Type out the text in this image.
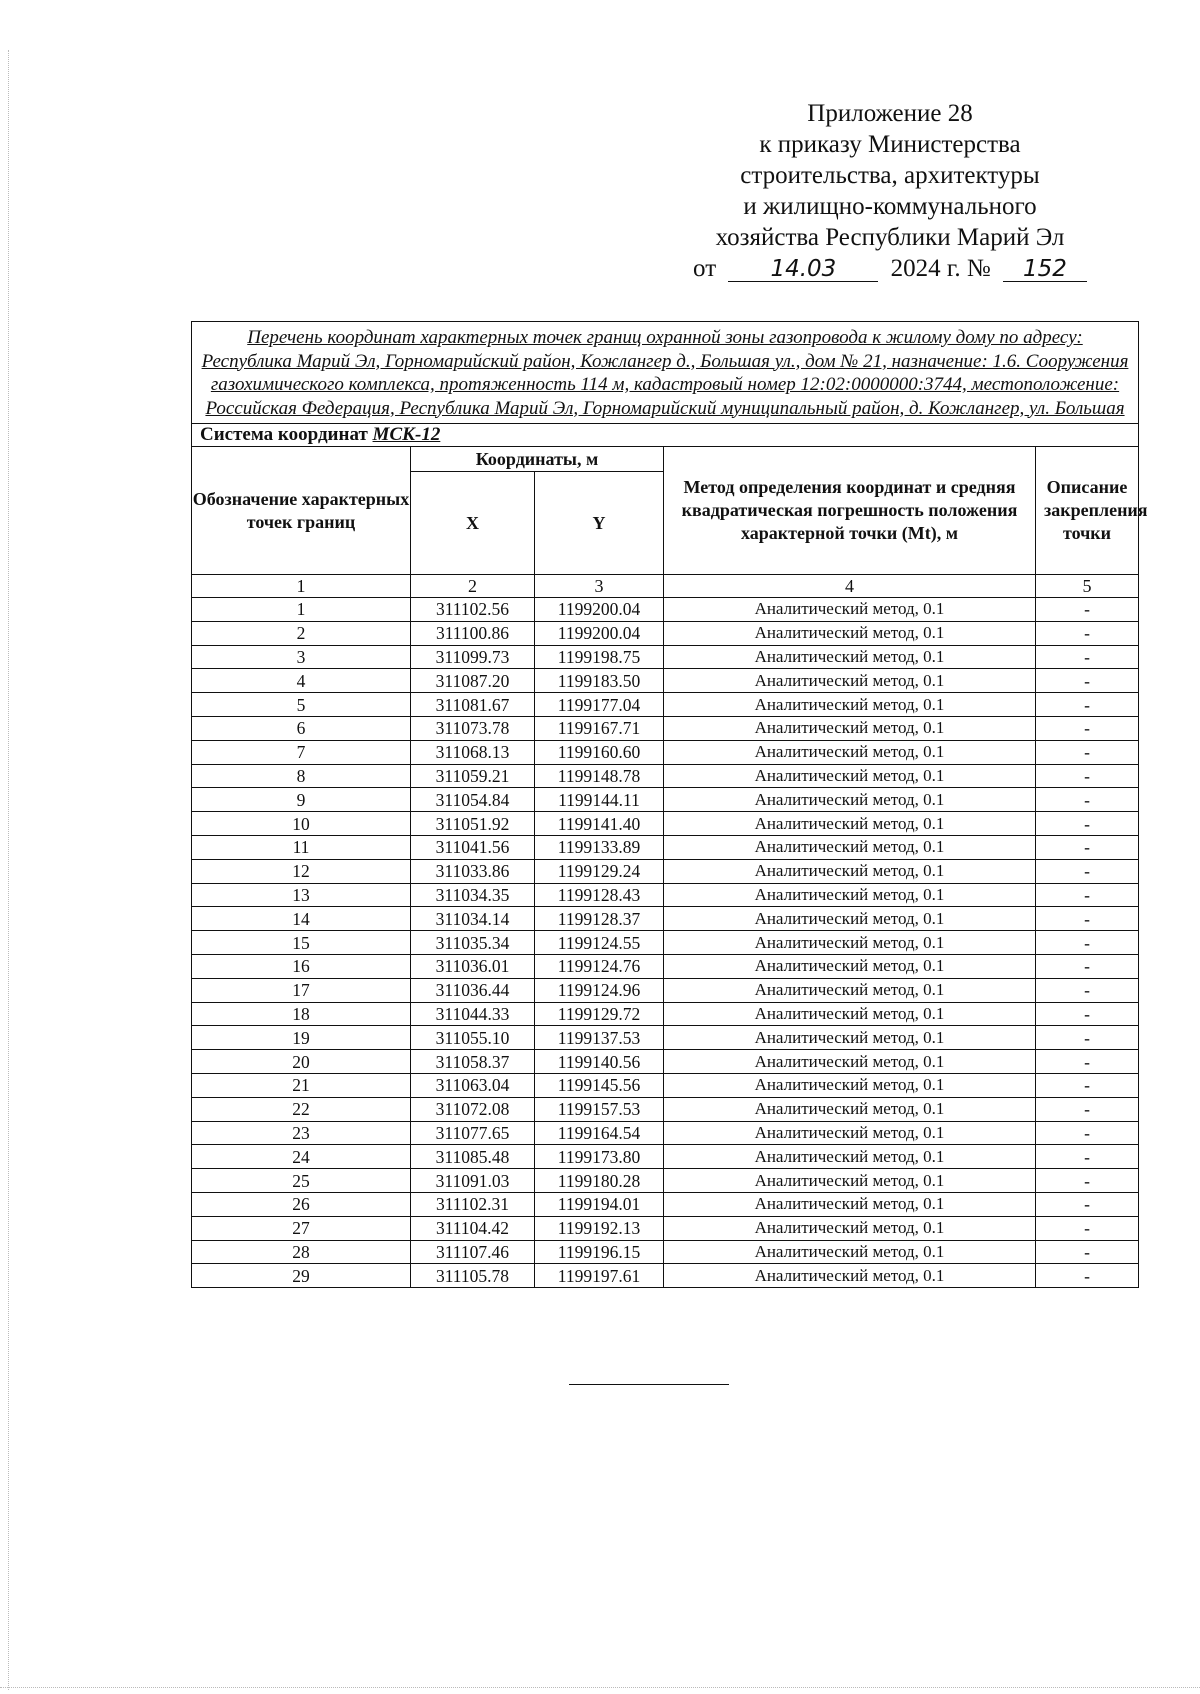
Приложение 28
к приказу Министерства
строительства, архитектуры
и жилищно-коммунального
хозяйства Республики Марий Эл
от 14.03 2024 г. № 152
Перечень координат характерных точек границ охранной зоны газопровода к жилому дому по адресу: Республика Марий Эл, Горномарийский район, Кожлангер д., Большая ул., дом № 21, назначение: 1.6. Сооружения газохимического комплекса, протяженность 114 м, кадастровый номер 12:02:0000000:3744, местоположение: Российская Федерация, Республика Марий Эл, Горномарийский муниципальный район, д. Кожлангер, ул. Большая				
Система координат МСК-12				
Обозначение характерных точек границ	Координаты, м		Метод определения координат и средняя квадратическая погрешность положения характерной точки (Mt), м	Описание закрепления точки
	X	Y		
1	2	3	4	5
1	311102.56	1199200.04	Аналитический метод, 0.1	-
2	311100.86	1199200.04	Аналитический метод, 0.1	-
3	311099.73	1199198.75	Аналитический метод, 0.1	-
4	311087.20	1199183.50	Аналитический метод, 0.1	-
5	311081.67	1199177.04	Аналитический метод, 0.1	-
6	311073.78	1199167.71	Аналитический метод, 0.1	-
7	311068.13	1199160.60	Аналитический метод, 0.1	-
8	311059.21	1199148.78	Аналитический метод, 0.1	-
9	311054.84	1199144.11	Аналитический метод, 0.1	-
10	311051.92	1199141.40	Аналитический метод, 0.1	-
11	311041.56	1199133.89	Аналитический метод, 0.1	-
12	311033.86	1199129.24	Аналитический метод, 0.1	-
13	311034.35	1199128.43	Аналитический метод, 0.1	-
14	311034.14	1199128.37	Аналитический метод, 0.1	-
15	311035.34	1199124.55	Аналитический метод, 0.1	-
16	311036.01	1199124.76	Аналитический метод, 0.1	-
17	311036.44	1199124.96	Аналитический метод, 0.1	-
18	311044.33	1199129.72	Аналитический метод, 0.1	-
19	311055.10	1199137.53	Аналитический метод, 0.1	-
20	311058.37	1199140.56	Аналитический метод, 0.1	-
21	311063.04	1199145.56	Аналитический метод, 0.1	-
22	311072.08	1199157.53	Аналитический метод, 0.1	-
23	311077.65	1199164.54	Аналитический метод, 0.1	-
24	311085.48	1199173.80	Аналитический метод, 0.1	-
25	311091.03	1199180.28	Аналитический метод, 0.1	-
26	311102.31	1199194.01	Аналитический метод, 0.1	-
27	311104.42	1199192.13	Аналитический метод, 0.1	-
28	311107.46	1199196.15	Аналитический метод, 0.1	-
29	311105.78	1199197.61	Аналитический метод, 0.1	-
